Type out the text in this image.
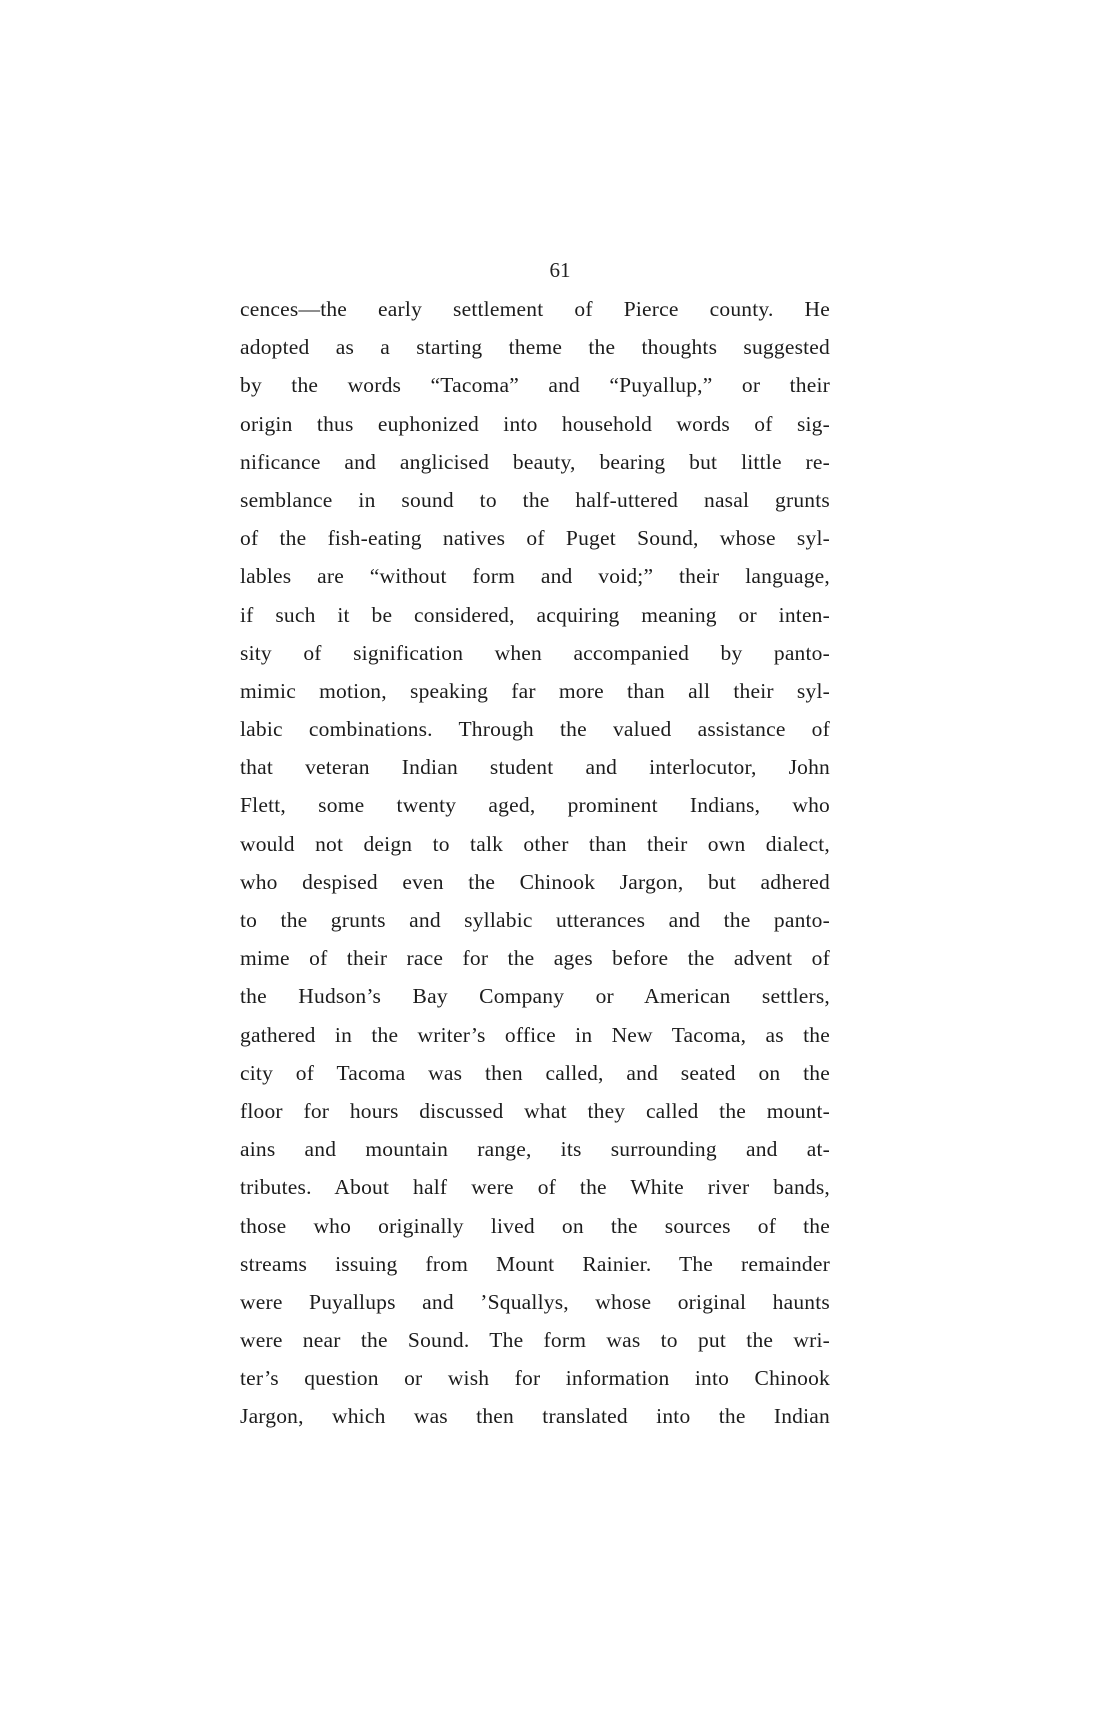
61
cences—the early settlement of Pierce county. He
adopted as a starting theme the thoughts suggested
by the words “Tacoma” and “Puyallup,” or their
origin thus euphonized into household words of sig-
nificance and anglicised beauty, bearing but little re-
semblance in sound to the half-uttered nasal grunts
of the fish-eating natives of Puget Sound, whose syl-
lables are “without form and void;” their language,
if such it be considered, acquiring meaning or inten-
sity of signification when accompanied by panto-
mimic motion, speaking far more than all their syl-
labic combinations. Through the valued assistance of
that veteran Indian student and interlocutor, John
Flett, some twenty aged, prominent Indians, who
would not deign to talk other than their own dialect,
who despised even the Chinook Jargon, but adhered
to the grunts and syllabic utterances and the panto-
mime of their race for the ages before the advent of
the Hudson’s Bay Company or American settlers,
gathered in the writer’s office in New Tacoma, as the
city of Tacoma was then called, and seated on the
floor for hours discussed what they called the mount-
ains and mountain range, its surrounding and at-
tributes. About half were of the White river bands,
those who originally lived on the sources of the
streams issuing from Mount Rainier. The remainder
were Puyallups and ’Squallys, whose original haunts
were near the Sound. The form was to put the wri-
ter’s question or wish for information into Chinook
Jargon, which was then translated into the Indian
